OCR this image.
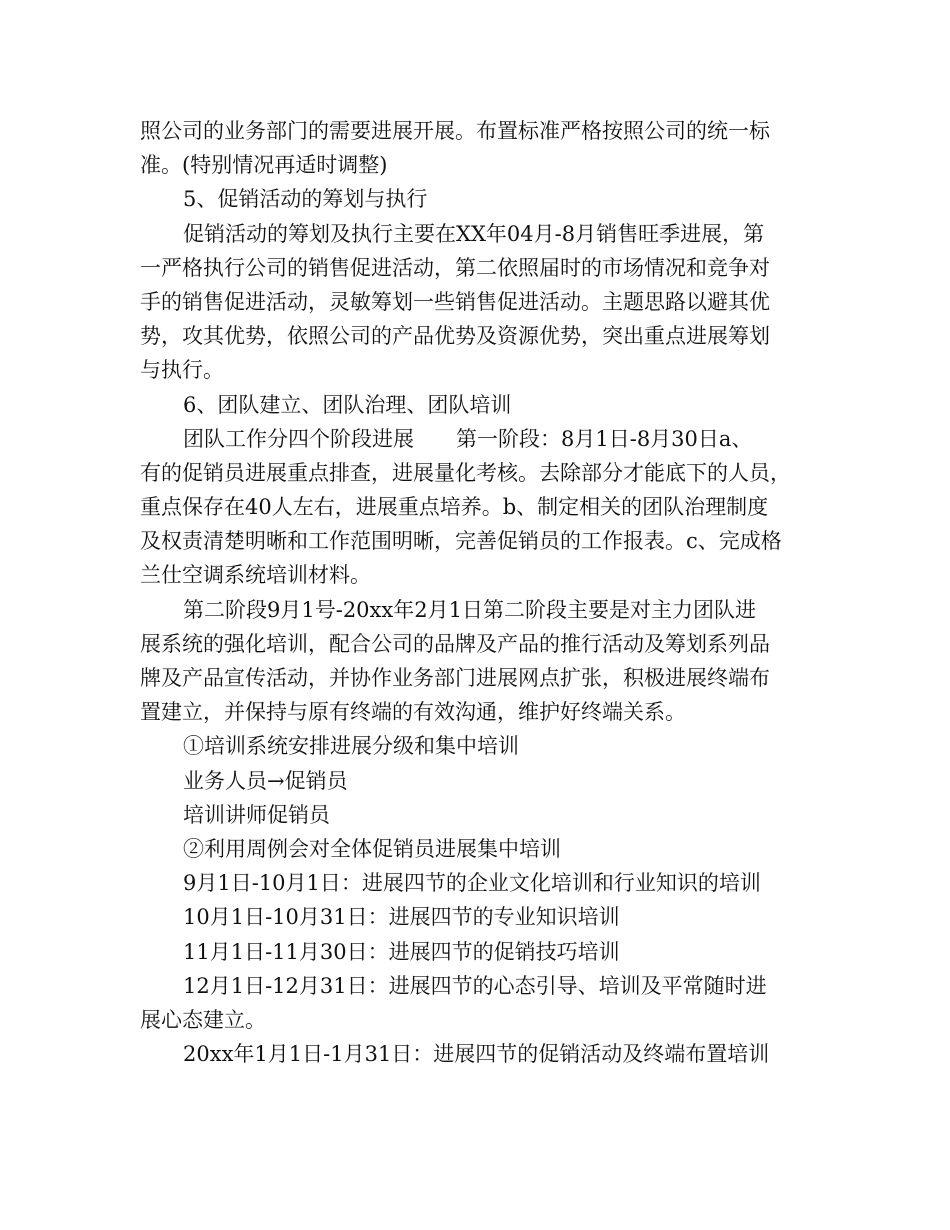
照公司的业务部门的需要进展开展。布置标准严格按照公司的统一标
准。(特别情况再适时调整)
5、促销活动的筹划与执行
促销活动的筹划及执行主要在XX年04月-8月销售旺季进展，第
一严格执行公司的销售促进活动，第二依照届时的市场情况和竞争对
手的销售促进活动，灵敏筹划一些销售促进活动。主题思路以避其优
势，攻其优势，依照公司的产品优势及资源优势，突出重点进展筹划
与执行。
6、团队建立、团队治理、团队培训
团队工作分四个阶段进展　　第一阶段：8月1日-8月30日a、
有的促销员进展重点排查，进展量化考核。去除部分才能底下的人员，
重点保存在40人左右，进展重点培养。b、制定相关的团队治理制度
及权责清楚明晰和工作范围明晰，完善促销员的工作报表。c、完成格
兰仕空调系统培训材料。
第二阶段9月1号-20xx年2月1日第二阶段主要是对主力团队进
展系统的强化培训，配合公司的品牌及产品的推行活动及筹划系列品
牌及产品宣传活动，并协作业务部门进展网点扩张，积极进展终端布
置建立，并保持与原有终端的有效沟通，维护好终端关系。
①培训系统安排进展分级和集中培训
业务人员→促销员
培训讲师促销员
②利用周例会对全体促销员进展集中培训
9月1日-10月1日：进展四节的企业文化培训和行业知识的培训
10月1日-10月31日：进展四节的专业知识培训
11月1日-11月30日：进展四节的促销技巧培训
12月1日-12月31日：进展四节的心态引导、培训及平常随时进
展心态建立。
20xx年1月1日-1月31日：进展四节的促销活动及终端布置培训
